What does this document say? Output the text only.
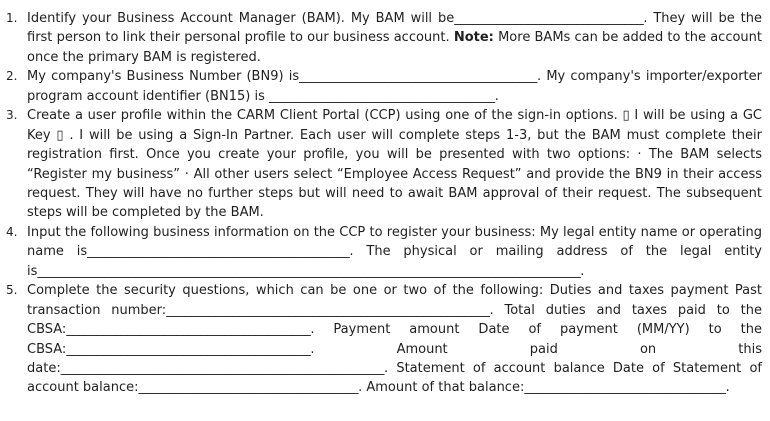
1. Identify your Business Account Manager (BAM). My BAM will be_______________________________. They will be the first person to link their personal profile to our business account. Note: More BAMs can be added to the account once the primary BAM is registered.
2. My company's Business Number (BN9) is_______________________________________. My company's importer/exporter program account identifier (BN15) is _____________________________________.
3. Create a user profile within the CARM Client Portal (CCP) using one of the sign-in options. ▯ I will be using a GC Key ▯ . I will be using a Sign-In Partner. Each user will complete steps 1-3, but the BAM must complete their registration first. Once you create your profile, you will be presented with two options: · The BAM selects “Register my business” · All other users select “Employee Access Request” and provide the BN9 in their access request. They will have no further steps but will need to await BAM approval of their request. The subsequent steps will be completed by the BAM.
4. Input the following business information on the CCP to register your business: My legal entity name or operating name is___________________________________________. The physical or mailing address of the legal entity is_________________________________________________________________________________________.
5. Complete the security questions, which can be one or two of the following: Duties and taxes payment Past transaction number:_____________________________________________________. Total duties and taxes paid to the CBSA:________________________________________. Payment amount Date of payment (MM/YY) to the CBSA:________________________________________. Amount paid on this date:_____________________________________________________. Statement of account balance Date of Statement of account balance:____________________________________. Amount of that balance:_________________________________.
